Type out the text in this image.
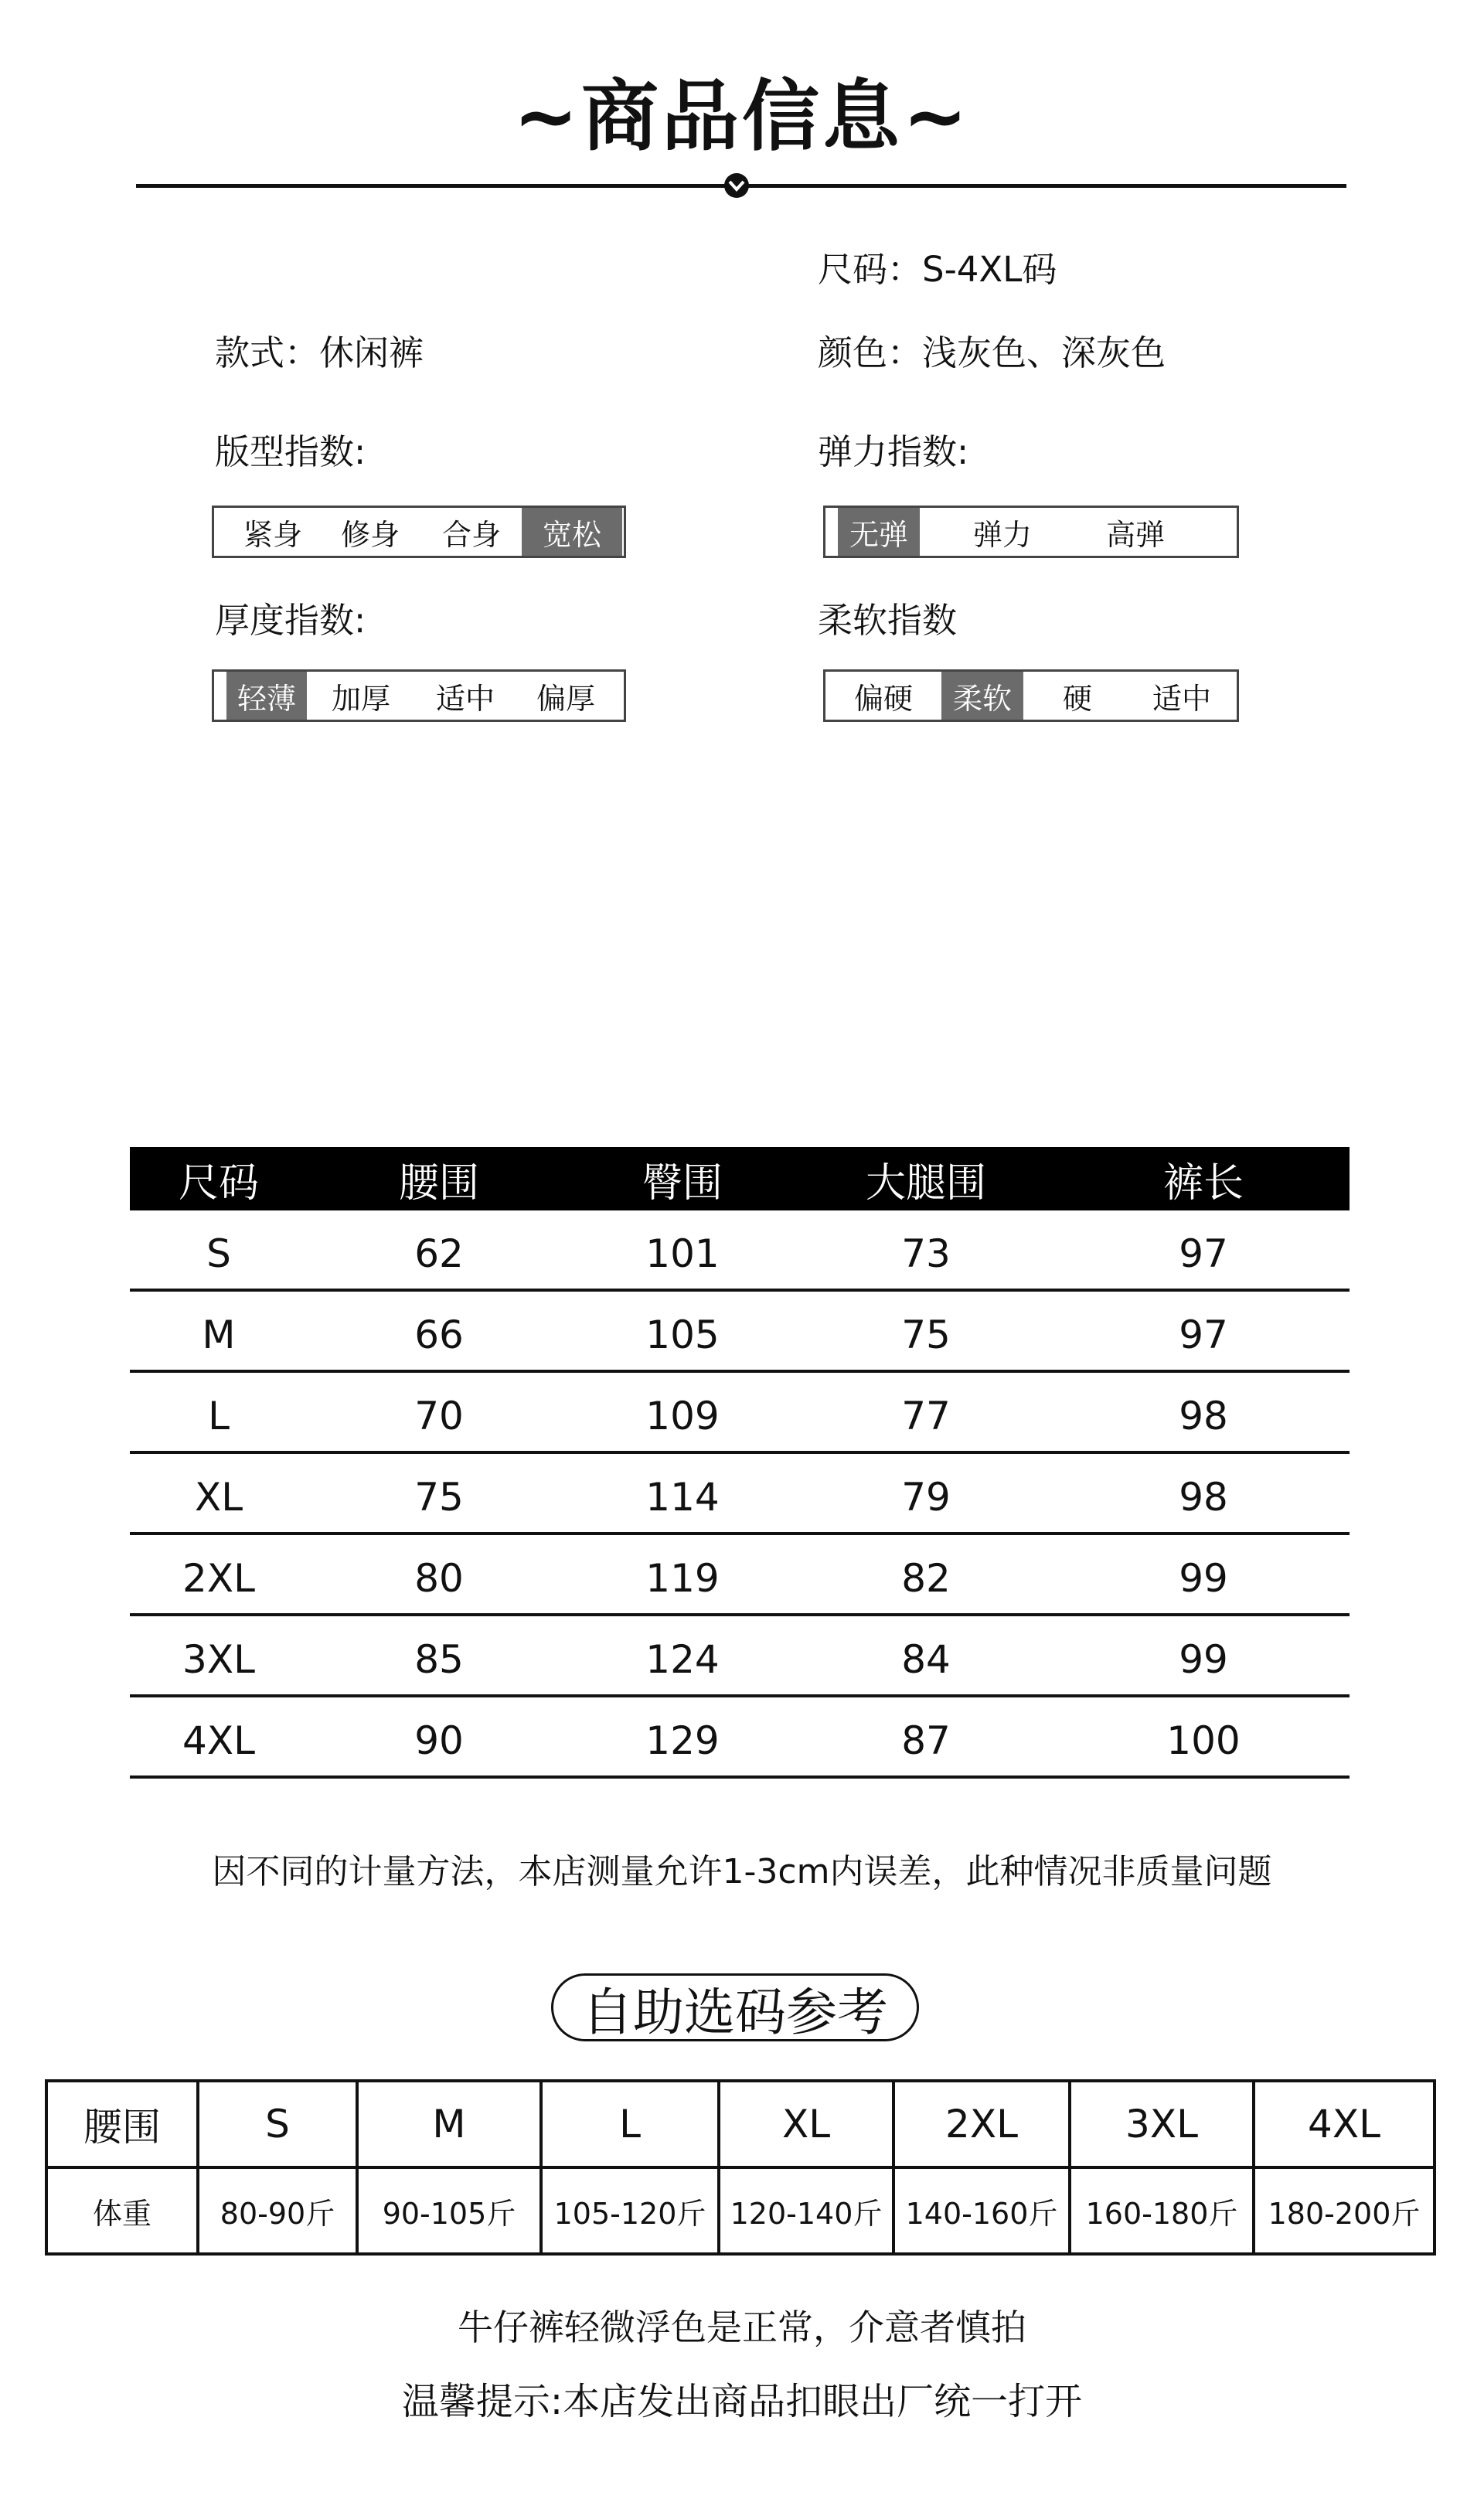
~商品信息~
尺码：S-4XL码
款式：休闲裤	颜色：浅灰色、深灰色
版型指数:	弹力指数:
紧身	修身	合身	宽松	无弹	弹力	高弹
厚度指数:	柔软指数
轻薄	加厚	适中	偏厚	偏硬	柔软	硬	适中
尺码	腰围	臀围	大腿围	裤长
S	62	101	73	97
M	66	105	75	97
L	70	109	77	98
XL	75	114	79	98
2XL	80	119	82	99
3XL	85	124	84	99
4XL	90	129	87	100
因不同的计量方法，本店测量允许1-3cm内误差，此种情况非质量问题
自助选码参考
腰围	S	M	L	XL	2XL	3XL	4XL
体重	80-90斤	90-105斤	105-120斤	120-140斤	140-160斤	160-180斤	180-200斤
牛仔裤轻微浮色是正常，介意者慎拍
温馨提示:本店发出商品扣眼出厂统一打开
